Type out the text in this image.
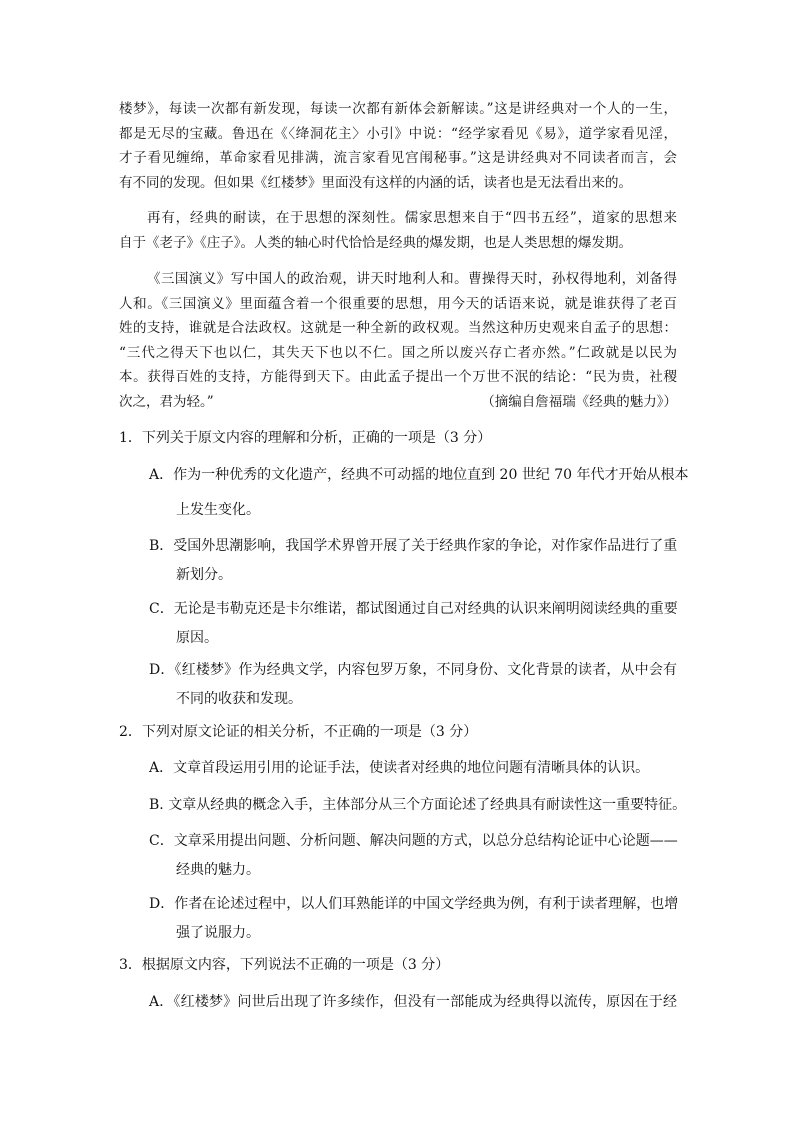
楼梦》，每读一次都有新发现，每读一次都有新体会新解读。”这是讲经典对一个人的一生，
都是无尽的宝藏。鲁迅在《〈绛洞花主〉小引》中说：“经学家看见《易》，道学家看见淫，
才子看见缠绵，革命家看见排满，流言家看见宫闱秘事。”这是讲经典对不同读者而言，会
有不同的发现。但如果《红楼梦》里面没有这样的内涵的话，读者也是无法看出来的。
再有，经典的耐读，在于思想的深刻性。儒家思想来自于“四书五经”，道家的思想来
自于《老子》《庄子》。人类的轴心时代恰恰是经典的爆发期，也是人类思想的爆发期。
《三国演义》写中国人的政治观，讲天时地利人和。曹操得天时，孙权得地利，刘备得
人和。《三国演义》里面蕴含着一个很重要的思想，用今天的话语来说，就是谁获得了老百
姓的支持，谁就是合法政权。这就是一种全新的政权观。当然这种历史观来自孟子的思想：
“三代之得天下也以仁，其失天下也以不仁。国之所以废兴存亡者亦然。”仁政就是以民为
本。获得百姓的支持，方能得到天下。由此孟子提出一个万世不泯的结论：“民为贵，社稷
次之，君为轻。”	（摘编自詹福瑞《经典的魅力》）
1．下列关于原文内容的理解和分析，正确的一项是（3 分）
A．作为一种优秀的文化遗产，经典不可动摇的地位直到 20 世纪 70 年代才开始从根本
上发生变化。
B．受国外思潮影响，我国学术界曾开展了关于经典作家的争论，对作家作品进行了重
新划分。
C．无论是韦勒克还是卡尔维诺，都试图通过自己对经典的认识来阐明阅读经典的重要
原因。
D．《红楼梦》作为经典文学，内容包罗万象，不同身份、文化背景的读者，从中会有
不同的收获和发现。
2．下列对原文论证的相关分析，不正确的一项是（3 分）
A．文章首段运用引用的论证手法，使读者对经典的地位问题有清晰具体的认识。
B. 文章从经典的概念入手，主体部分从三个方面论述了经典具有耐读性这一重要特征。
C．文章采用提出问题、分析问题、解决问题的方式，以总分总结构论证中心论题——
经典的魅力。
D．作者在论述过程中，以人们耳熟能详的中国文学经典为例，有利于读者理解，也增
强了说服力。
3．根据原文内容，下列说法不正确的一项是（3 分）
A．《红楼梦》问世后出现了许多续作，但没有一部能成为经典得以流传，原因在于经
